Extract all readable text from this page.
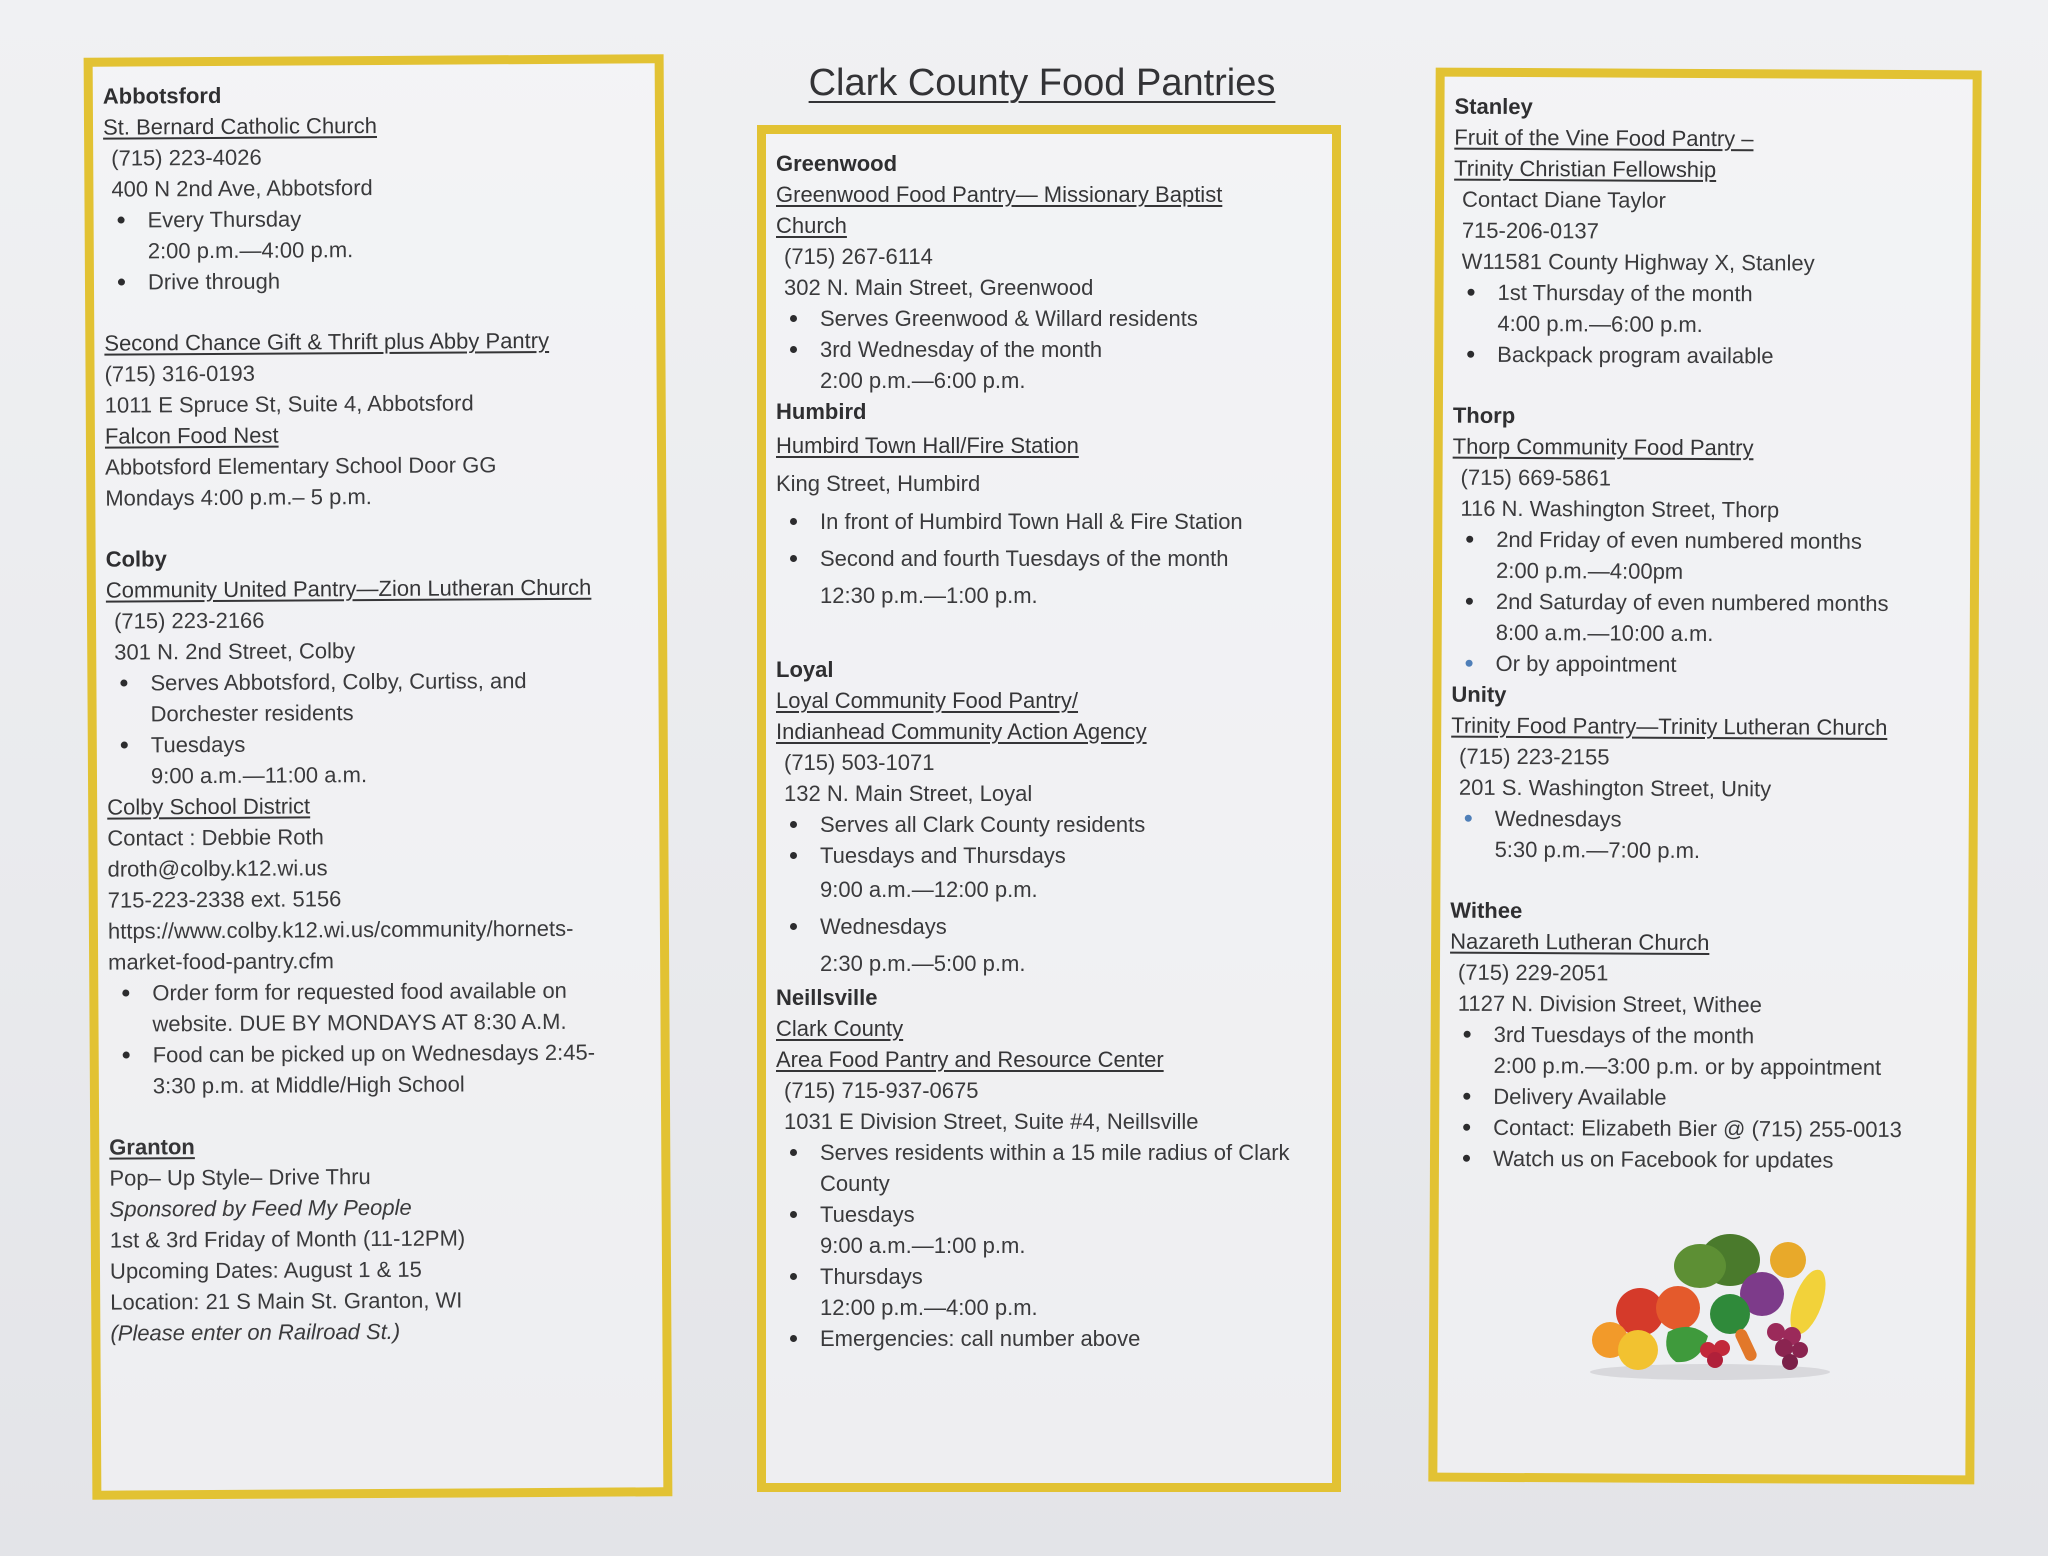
Clark County Food Pantries
Abbotsford
St. Bernard Catholic Church
(715) 223-4026
400 N 2nd Ave, Abbotsford
Every Thursday
2:00 p.m.—4:00 p.m.
Drive through
Second Chance Gift & Thrift plus Abby Pantry
(715) 316-0193
1011 E Spruce St, Suite 4, Abbotsford
Falcon Food Nest
Abbotsford Elementary School Door GG
Mondays 4:00 p.m.– 5 p.m.
Colby
Community United Pantry—Zion Lutheran Church
(715) 223-2166
301 N. 2nd Street, Colby
Serves Abbotsford, Colby, Curtiss, and
Dorchester residents
Tuesdays
9:00 a.m.—11:00 a.m.
Colby School District
Contact : Debbie Roth
droth@colby.k12.wi.us
715-223-2338 ext. 5156
https://www.colby.k12.wi.us/community/hornets-
market-food-pantry.cfm
Order form for requested food available on
website. DUE BY MONDAYS AT 8:30 A.M.
Food can be picked up on Wednesdays 2:45-
3:30 p.m. at Middle/High School
Granton
Pop– Up Style– Drive Thru
Sponsored by Feed My People
1st & 3rd Friday of Month (11-12PM)
Upcoming Dates: August 1 & 15
Location: 21 S Main St. Granton, WI
(Please enter on Railroad St.)
Greenwood
Greenwood Food Pantry— Missionary Baptist
Church
(715) 267-6114
302 N. Main Street, Greenwood
Serves Greenwood & Willard residents
3rd Wednesday of the month
2:00 p.m.—6:00 p.m.
Humbird
Humbird Town Hall/Fire Station
King Street, Humbird
In front of Humbird Town Hall & Fire Station
Second and fourth Tuesdays of the month
12:30 p.m.—1:00 p.m.
Loyal
Loyal Community Food Pantry/
Indianhead Community Action Agency
(715) 503-1071
132 N. Main Street, Loyal
Serves all Clark County residents
Tuesdays and Thursdays
9:00 a.m.—12:00 p.m.
Wednesdays
2:30 p.m.—5:00 p.m.
Neillsville
Clark County
Area Food Pantry and Resource Center
(715) 715-937-0675
1031 E Division Street, Suite #4, Neillsville
Serves residents within a 15 mile radius of Clark
County
Tuesdays
9:00 a.m.—1:00 p.m.
Thursdays
12:00 p.m.—4:00 p.m.
Emergencies: call number above
Stanley
Fruit of the Vine Food Pantry –
Trinity Christian Fellowship
Contact Diane Taylor
715-206-0137
W11581 County Highway X, Stanley
1st Thursday of the month
4:00 p.m.—6:00 p.m.
Backpack program available
Thorp
Thorp Community Food Pantry
(715) 669-5861
116 N. Washington Street, Thorp
2nd Friday of even numbered months
2:00 p.m.—4:00pm
2nd Saturday of even numbered months
8:00 a.m.—10:00 a.m.
Or by appointment
Unity
Trinity Food Pantry—Trinity Lutheran Church
(715) 223-2155
201 S. Washington Street, Unity
Wednesdays
5:30 p.m.—7:00 p.m.
Withee
Nazareth Lutheran Church
(715) 229-2051
1127 N. Division Street, Withee
3rd Tuesdays of the month
2:00 p.m.—3:00 p.m. or by appointment
Delivery Available
Contact: Elizabeth Bier @ (715) 255-0013
Watch us on Facebook for updates
